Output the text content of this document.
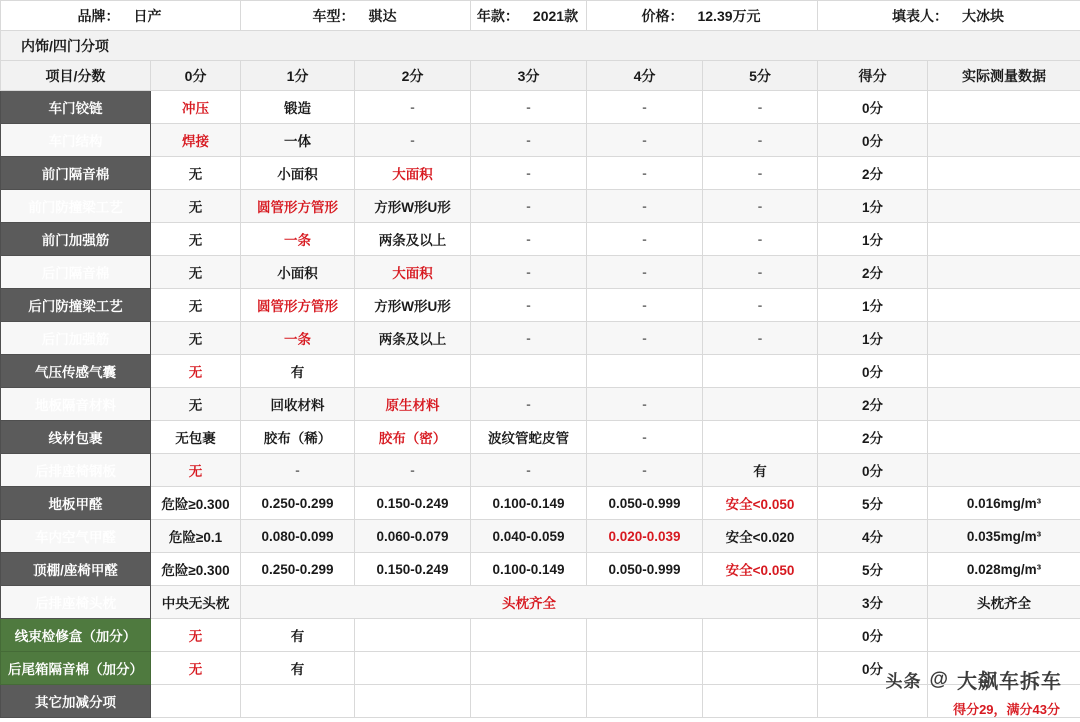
品牌： 日产		车型： 骐达		年款： 2021款	价格： 12.39万元		填表人： 大冰块	

内饰/四门分项								
项目/分数	0分	1分	2分	3分	4分	5分	得分	实际测量数据
车门铰链	冲压	锻造	-	-	-	-	0分	
车门结构	焊接	一体	-	-	-	-	0分	
前门隔音棉	无	小面积	大面积	-	-	-	2分	
前门防撞梁工艺	无	圆管形方管形	方形W形U形	-	-	-	1分	
前门加强筋	无	一条	两条及以上	-	-	-	1分	
后门隔音棉	无	小面积	大面积	-	-	-	2分	
后门防撞梁工艺	无	圆管形方管形	方形W形U形	-	-	-	1分	
后门加强筋	无	一条	两条及以上	-	-	-	1分	
气压传感气囊	无	有					0分	
地板隔音材料	无	回收材料	原生材料	-	-		2分	
线材包裹	无包裹	胶布（稀）	胶布（密）	波纹管蛇皮管	-		2分	
后排座椅钢板	无	-	-	-	-	有	0分	
地板甲醛	危险≥0.300	0.250-0.299	0.150-0.249	0.100-0.149	0.050-0.999	安全<0.050	5分	0.016mg/m³
车内空气甲醛	危险≥0.1	0.080-0.099	0.060-0.079	0.040-0.059	0.020-0.039	安全<0.020	4分	0.035mg/m³
顶棚/座椅甲醛	危险≥0.300	0.250-0.299	0.150-0.249	0.100-0.149	0.050-0.999	安全<0.050	5分	0.028mg/m³
后排座椅头枕	中央无头枕	头枕齐全					3分	头枕齐全
线束检修盒（加分）	无	有					0分	
后尾箱隔音棉（加分）	无	有					0分	
其它加减分项								
头条 @ 大飙车拆车
得分29，满分43分
